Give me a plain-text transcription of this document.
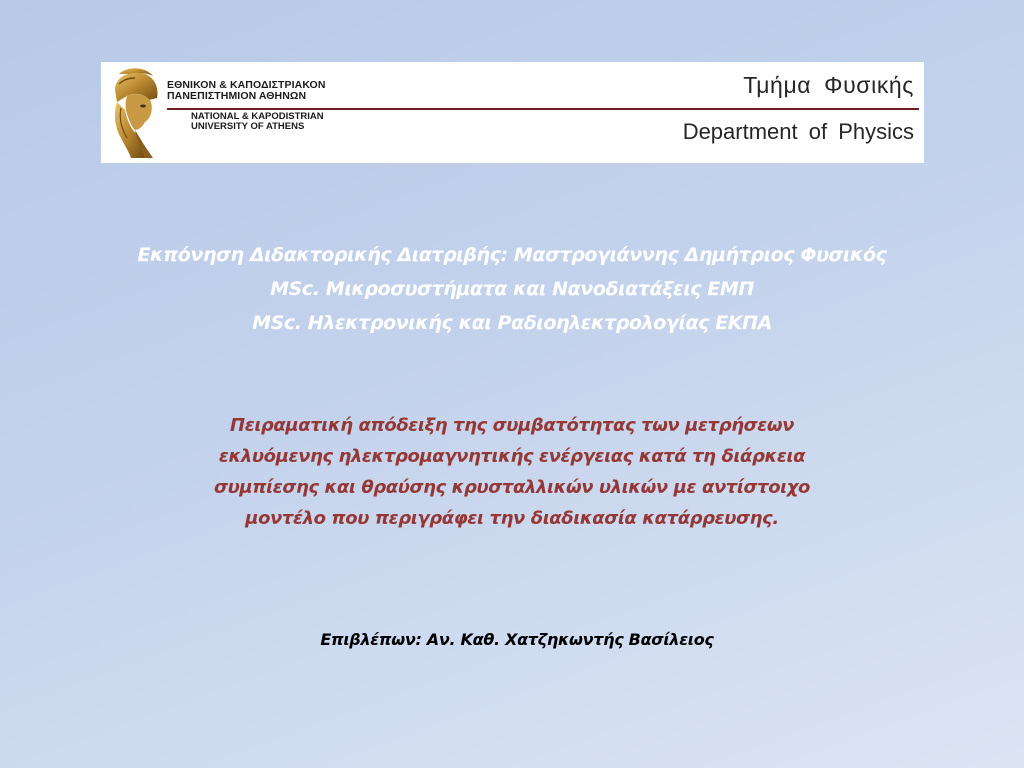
ΕΘΝΙΚΟΝ & ΚΑΠΟΔΙΣΤΡΙΑΚΟΝ
ΠΑΝΕΠΙΣΤΗΜΙΟΝ ΑΘΗΝΩΝ
NATIONAL & KAPODISTRIAN
UNIVERSITY OF ATHENS
Τμήμα Φυσικής
Department of Physics
Εκπόνηση Διδακτορικής Διατριβής: Μαστρογιάννης Δημήτριος Φυσικός
MSc. Μικροσυστήματα και Νανοδιατάξεις ΕΜΠ
MSc. Ηλεκτρονικής και Ραδιοηλεκτρολογίας ΕΚΠΑ
Πειραματική απόδειξη της συμβατότητας των μετρήσεων
εκλυόμενης ηλεκτρομαγνητικής ενέργειας κατά τη διάρκεια
συμπίεσης και θραύσης κρυσταλλικών υλικών με αντίστοιχο
μοντέλο που περιγράφει την διαδικασία κατάρρευσης.
Επιβλέπων: Αν. Καθ. Χατζηκωντής Βασίλειος
